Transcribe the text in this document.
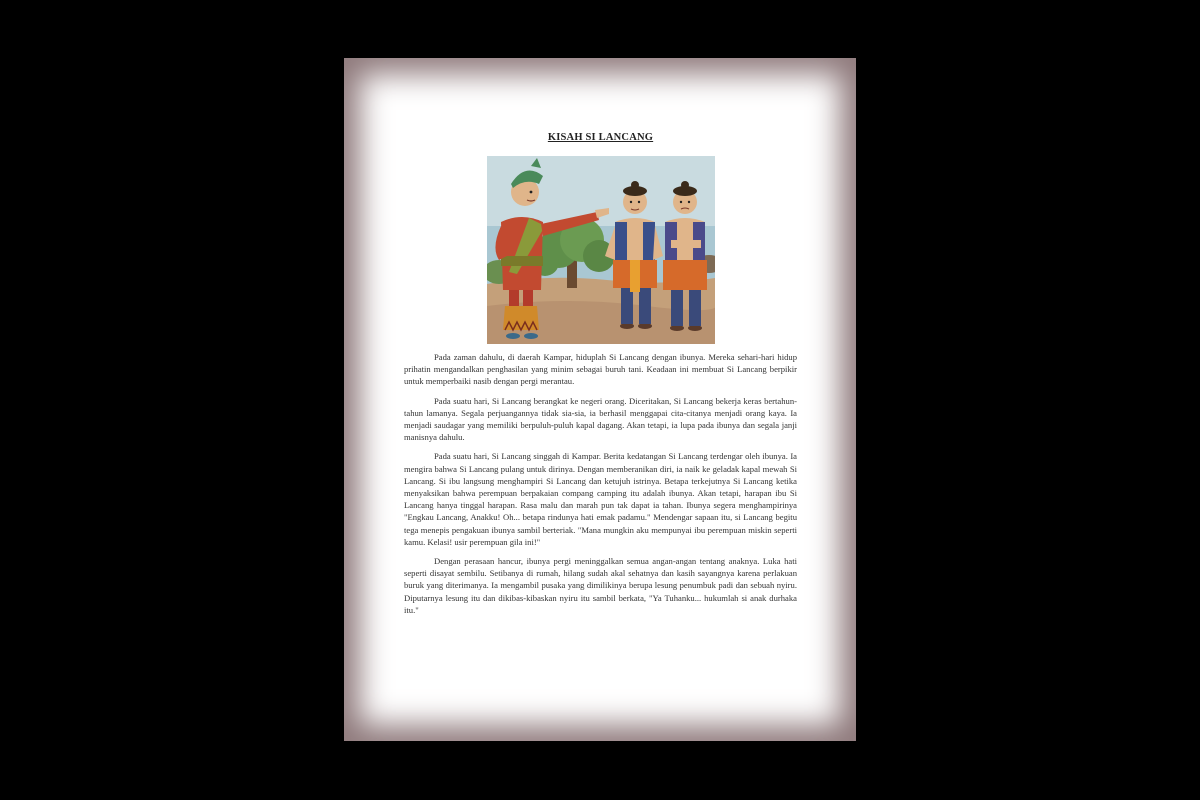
KISAH SI LANCANG

Pada zaman dahulu, di daerah Kampar, hiduplah Si Lancang dengan ibunya. Mereka sehari-hari hidup prihatin mengandalkan penghasilan yang minim sebagai buruh tani. Keadaan ini membuat Si Lancang berpikir untuk memperbaiki nasib dengan pergi merantau.

Pada suatu hari, Si Lancang berangkat ke negeri orang. Diceritakan, Si Lancang bekerja keras bertahun-tahun lamanya. Segala perjuangannya tidak sia-sia, ia berhasil menggapai cita-citanya menjadi orang kaya. Ia menjadi saudagar yang memiliki berpuluh-puluh kapal dagang. Akan tetapi, ia lupa pada ibunya dan segala janji manisnya dahulu.

Pada suatu hari, Si Lancang singgah di Kampar. Berita kedatangan Si Lancang terdengar oleh ibunya. Ia mengira bahwa Si Lancang pulang untuk dirinya. Dengan memberanikan diri, ia naik ke geladak kapal mewah Si Lancang. Si ibu langsung menghampiri Si Lancang dan ketujuh istrinya. Betapa terkejutnya Si Lancang ketika menyaksikan bahwa perempuan berpakaian compang camping itu adalah ibunya. Akan tetapi, harapan ibu Si Lancang hanya tinggal harapan. Rasa malu dan marah pun tak dapat ia tahan. Ibunya segera menghampirinya "Engkau Lancang, Anakku! Oh... betapa rindunya hati emak padamu." Mendengar sapaan itu, si Lancang begitu tega menepis pengakuan ibunya sambil berteriak. "Mana mungkin aku mempunyai ibu perempuan miskin seperti kamu. Kelasi! usir perempuan gila ini!"

Dengan perasaan hancur, ibunya pergi meninggalkan semua angan-angan tentang anaknya. Luka hati seperti disayat sembilu. Setibanya di rumah, hilang sudah akal sehatnya dan kasih sayangnya karena perlakuan buruk yang diterimanya. Ia mengambil pusaka yang dimilikinya berupa lesung penumbuk padi dan sebuah nyiru. Diputarnya lesung itu dan dikibas-kibaskan nyiru itu sambil berkata, "Ya Tuhanku... hukumlah si anak durhaka itu."
